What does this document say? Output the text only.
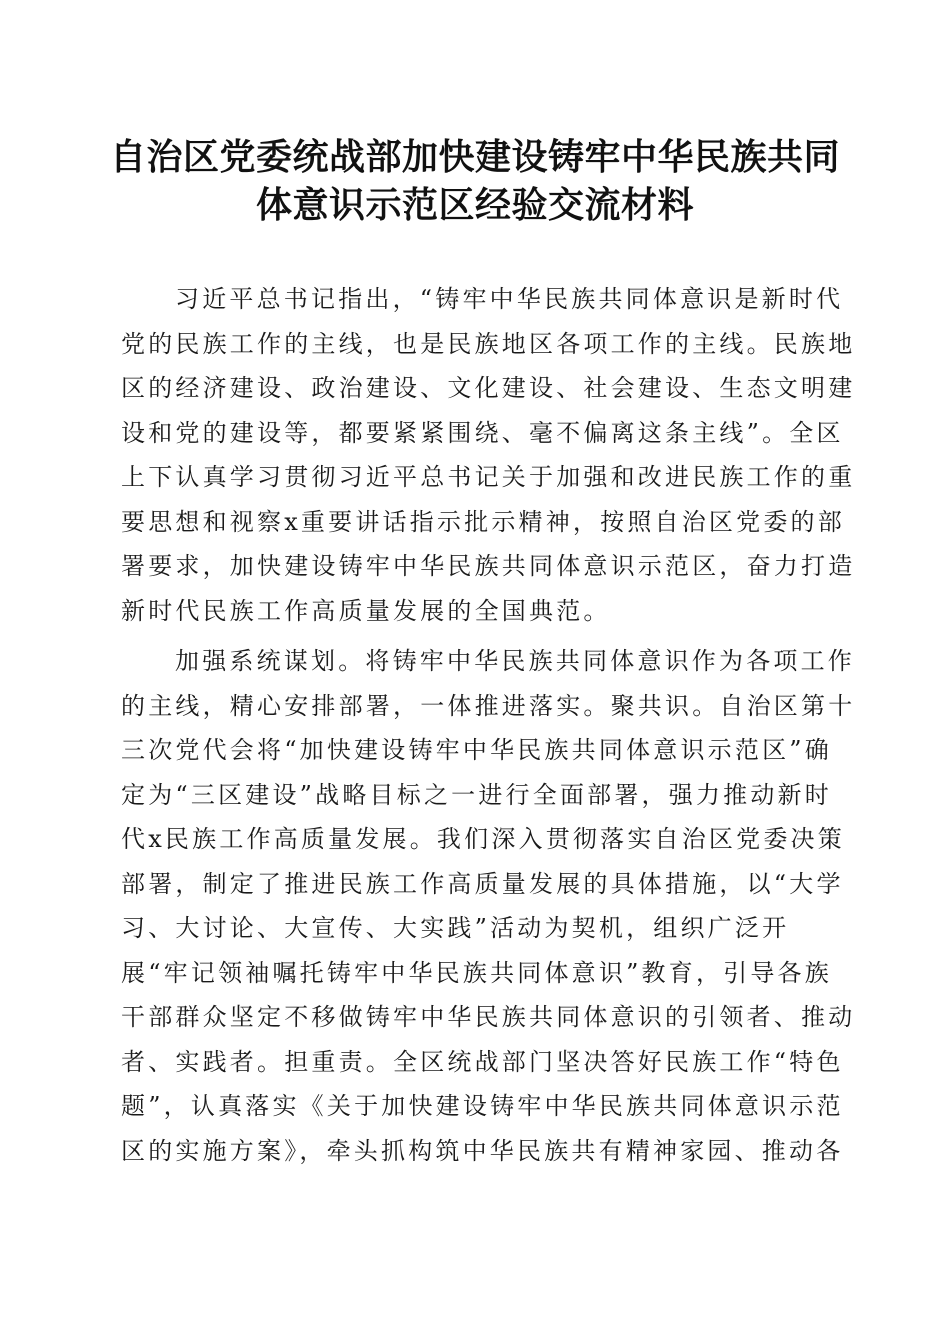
自治区党委统战部加快建设铸牢中华民族共同
体意识示范区经验交流材料
习近平总书记指出，“铸牢中华民族共同体意识是新时代
党的民族工作的主线，也是民族地区各项工作的主线。民族地
区的经济建设、政治建设、文化建设、社会建设、生态文明建
设和党的建设等，都要紧紧围绕、毫不偏离这条主线”。全区
上下认真学习贯彻习近平总书记关于加强和改进民族工作的重
要思想和视察x重要讲话指示批示精神，按照自治区党委的部
署要求，加快建设铸牢中华民族共同体意识示范区，奋力打造
新时代民族工作高质量发展的全国典范。
加强系统谋划。将铸牢中华民族共同体意识作为各项工作
的主线，精心安排部署，一体推进落实。聚共识。自治区第十
三次党代会将“加快建设铸牢中华民族共同体意识示范区”确
定为“三区建设”战略目标之一进行全面部署，强力推动新时
代x民族工作高质量发展。我们深入贯彻落实自治区党委决策
部署，制定了推进民族工作高质量发展的具体措施，以“大学
习、大讨论、大宣传、大实践”活动为契机，组织广泛开
展“牢记领袖嘱托铸牢中华民族共同体意识”教育，引导各族
干部群众坚定不移做铸牢中华民族共同体意识的引领者、推动
者、实践者。担重责。全区统战部门坚决答好民族工作“特色
题”，认真落实《关于加快建设铸牢中华民族共同体意识示范
区的实施方案》，牵头抓构筑中华民族共有精神家园、推动各
